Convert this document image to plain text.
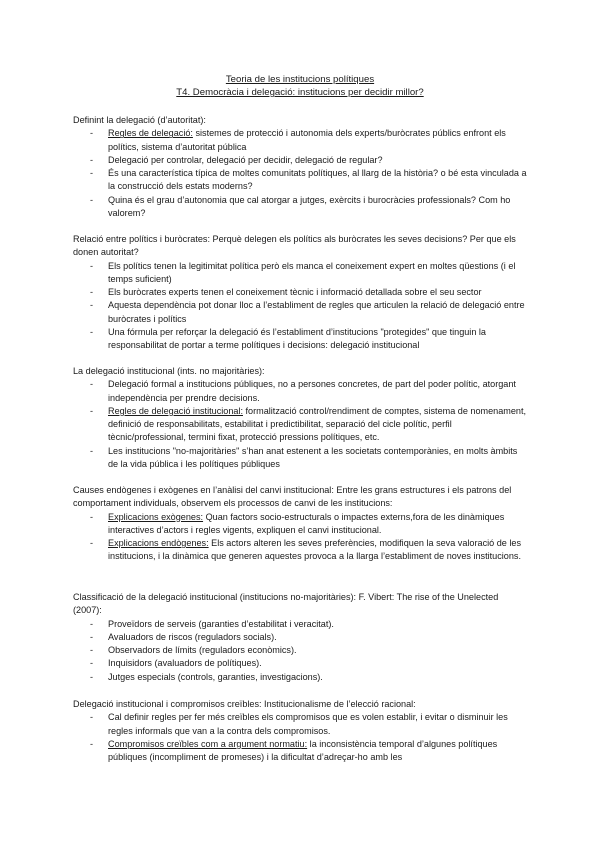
Teoria de les institucions polítiques
T4. Democràcia i delegació: institucions per decidir millor?

Definint la delegació (d’autoritat):

- Regles de delegació: sistemes de protecció i autonomia dels experts/buròcrates públics enfront els polítics, sistema d’autoritat pública
- Delegació per controlar, delegació per decidir, delegació de regular?
- És una característica típica de moltes comunitats polítiques, al llarg de la història? o bé esta vinculada a la construcció dels estats moderns?
- Quina és el grau d’autonomia que cal atorgar a jutges, exèrcits i burocràcies professionals? Com ho valorem?

Relació entre polítics i buròcrates: Perquè delegen els polítics als buròcrates les seves decisions? Per que els donen autoritat?

- Els polítics tenen la legitimitat política però els manca el coneixement expert en moltes qüestions (i el temps suficient)
- Els buròcrates experts tenen el coneixement tècnic i informació detallada sobre el seu sector
- Aquesta dependència pot donar lloc a l’establiment de regles que articulen la relació de delegació entre buròcrates i polítics
- Una fórmula per reforçar la delegació és l’establiment d’institucions "protegides" que tinguin la responsabilitat de portar a terme polítiques i decisions: delegació institucional

La delegació institucional (ints. no majoritàries):

- Delegació formal a institucions públiques, no a persones concretes, de part del poder polític, atorgant independència per prendre decisions.
- Regles de delegació institucional: formalització control/rendiment de comptes, sistema de nomenament, definició de responsabilitats, estabilitat i predictibilitat, separació del cicle polític, perfil tècnic/professional, termini fixat, protecció pressions polítiques, etc.
- Les institucions "no-majoritàries" s’han anat estenent a les societats contemporànies, en molts àmbits de la vida pública i les polítiques públiques

Causes endògenes i exògenes en l’anàlisi del canvi institucional: Entre les grans estructures i els patrons del comportament individuals, observem els processos de canvi de les institucions:

- Explicacions exògenes: Quan factors socio-estructurals o impactes externs,fora de les dinàmiques interactives d’actors i regles vigents, expliquen el canvi institucional.
- Explicacions endògenes: Els actors alteren les seves preferències, modifiquen la seva valoració de les institucions, i la dinàmica que generen aquestes provoca a la llarga l’establiment de noves institucions.

Classificació de la delegació institucional (institucions no-majoritàries): F. Vibert: The rise of the Unelected (2007):

- Proveïdors de serveis (garanties d’estabilitat i veracitat).
- Avaluadors de riscos (reguladors socials).
- Observadors de límits (reguladors econòmics).
- Inquisidors (avaluadors de polítiques).
- Jutges especials (controls, garanties, investigacions).

Delegació institucional i compromisos creïbles: Institucionalisme de l’elecció racional:

- Cal definir regles per fer més creïbles els compromisos que es volen establir, i evitar o disminuir les regles informals que van a la contra dels compromisos.
- Compromisos creïbles com a argument normatiu: la inconsistència temporal d’algunes polítiques públiques (incompliment de promeses) i la dificultat d’adreçar-ho amb les
